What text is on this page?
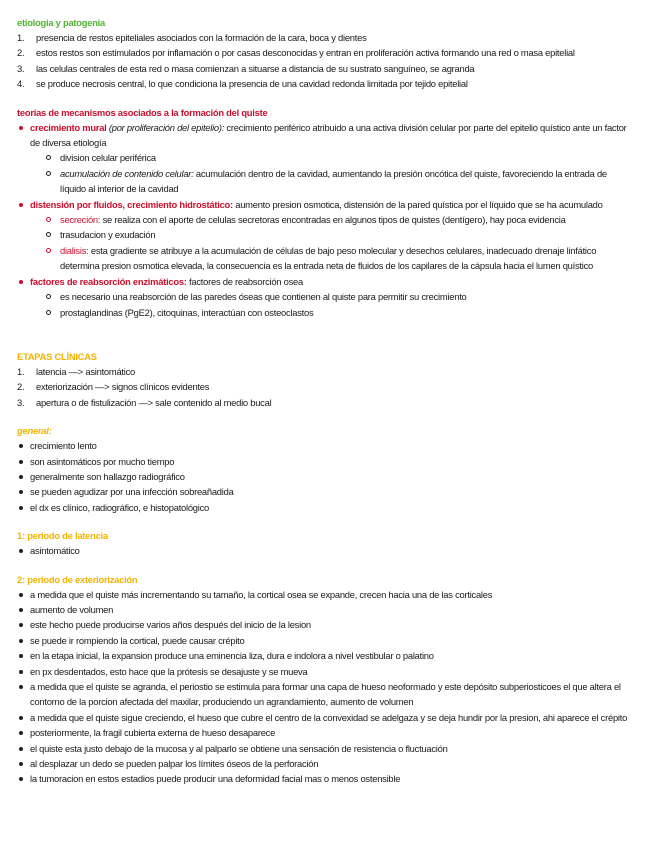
etiologia y patogenia

1. presencia de restos epiteliales asociados con la formación de la cara, boca y dientes
2. estos restos son estimulados por inflamación o por casas desconocidas y entran en proliferación activa formando una red o masa epitelial
3. las celulas centrales de esta red o masa comienzan a situarse a distancia de su sustrato sanguíneo, se agranda
4. se produce necrosis central, lo que condiciona la presencia de una cavidad redonda limitada por tejido epitelial

teorias de mecanismos asociados a la formación del quiste

crecimiento mural (por proliferación del epitelio): crecimiento periférico atribuido a una activa división celular por parte del epitelio quístico ante un factor de diversa etiología
division celular periférica
acumulación de contenido celular: acumulación dentro de la cavidad, aumentando la presión oncótica del quiste, favoreciendo la entrada de líquido al interior de la cavidad
distensión por fluidos, crecimiento hidrostático: aumento presion osmotica, distensión de la pared quística por el líquido que se ha acumulado
secreción: se realiza con el aporte de celulas secretoras encontradas en algunos tipos de quistes (dentígero), hay poca evidencia
trasudacion y exudación
dialisis: esta gradiente se atribuye a la acumulación de células de bajo peso molecular y desechos celulares, inadecuado drenaje linfático determina presion osmotica elevada, la consecuencia es la entrada neta de fluidos de los capilares de la cápsula hacia el lumen quístico
factores de reabsorción enzimáticos: factores de reabsorción osea
es necesario una reabsorción de las paredes óseas que contienen al quiste para permitir su crecimiento
prostaglandinas (PgE2), citoquinas, interactúan con osteoclastos

ETAPAS CLÍNICAS

1. latencia —> asintomático
2. exteriorización —> signos clínicos evidentes
3. apertura o de fistulización —> sale contenido al medio bucal

general:

crecimiento lento
son asintomáticos por mucho tiempo
generalmente son hallazgo radiográfico
se pueden agudizar por una infección sobreañadida
el dx es clínico, radiográfico, e histopatológico

1: periodo de latencia

asintomático

2: periodo de exteriorización

a medida que el quiste más incrementando su tamaño, la cortical osea se expande, crecen hacia una de las corticales
aumento de volumen
este hecho puede producirse varios años después del inicio de la lesion
se puede ir rompiendo la cortical, puede causar crépito
en la etapa inicial, la expansion produce una eminencia liza, dura e indolora a nivel vestibular o palatino
en px desdentados, esto hace que la prótesis se desajuste y se mueva
a medida que el quiste se agranda, el periostio se estimula para formar una capa de hueso neoformado y este depósito subperiosticoes el que altera el contorno de la porcion afectada del maxilar, produciendo un agrandamiento, aumento de volumen
a medida que el quiste sigue creciendo, el hueso que cubre el centro de la convexidad se adelgaza y se deja hundir por la presion, ahi aparece el crépito
posteriormente, la fragil cubierta externa de hueso desaparece
el quiste esta justo debajo de la mucosa y al palparlo se obtiene una sensación de resistencia o fluctuación
al desplazar un dedo se pueden palpar los límites óseos de la perforación
la tumoracion en estos estadios puede producir una deformidad facial mas o menos ostensible
